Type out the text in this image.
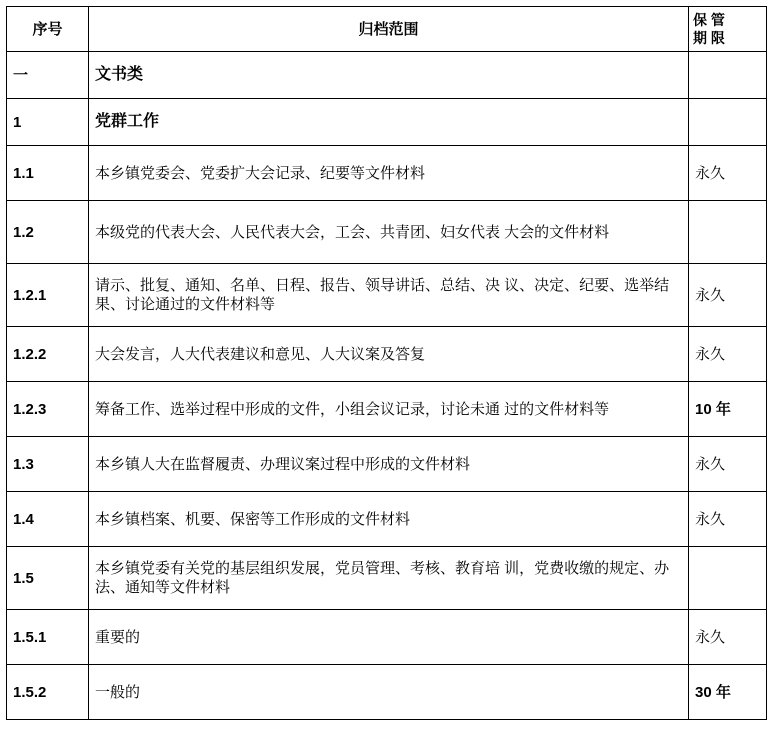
序号	归档范围	保 管
期 限

一	文书类	
1	党群工作	
1.1	本乡镇党委会、党委扩大会记录、纪要等文件材料	永久
1.2	本级党的代表大会、人民代表大会，工会、共青团、妇女代表 大会的文件材料	
1.2.1	请示、批复、通知、名单、日程、报告、领导讲话、总结、决 议、决定、纪要、选举结果、讨论通过的文件材料等	永久
1.2.2	大会发言，人大代表建议和意见、人大议案及答复	永久
1.2.3	筹备工作、选举过程中形成的文件，小组会议记录，讨论未通 过的文件材料等	10 年
1.3	本乡镇人大在监督履责、办理议案过程中形成的文件材料	永久
1.4	本乡镇档案、机要、保密等工作形成的文件材料	永久
1.5	本乡镇党委有关党的基层组织发展，党员管理、考核、教育培 训，党费收缴的规定、办法、通知等文件材料	
1.5.1	重要的	永久
1.5.2	一般的	30 年
